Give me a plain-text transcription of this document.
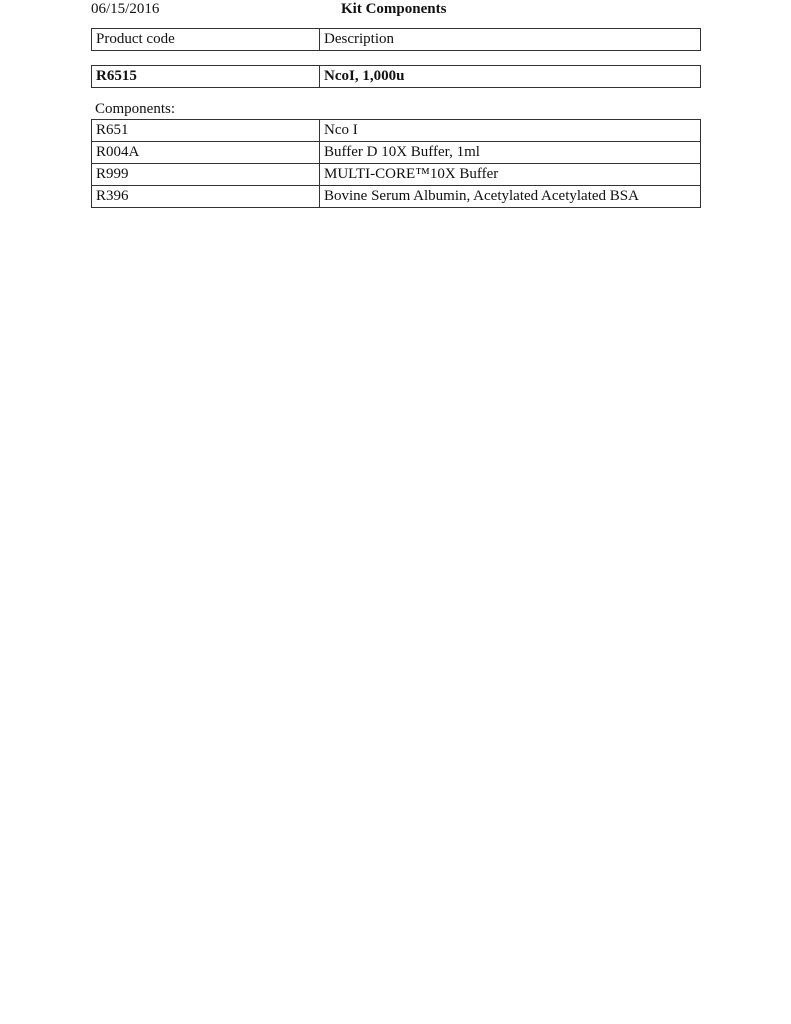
06/15/2016	Kit Components
Product code	Description
R6515	NcoI, 1,000u
Components:
R651	Nco I
R004A	Buffer D 10X Buffer, 1ml
R999	MULTI-CORE™10X Buffer
R396	Bovine Serum Albumin, Acetylated Acetylated BSA
